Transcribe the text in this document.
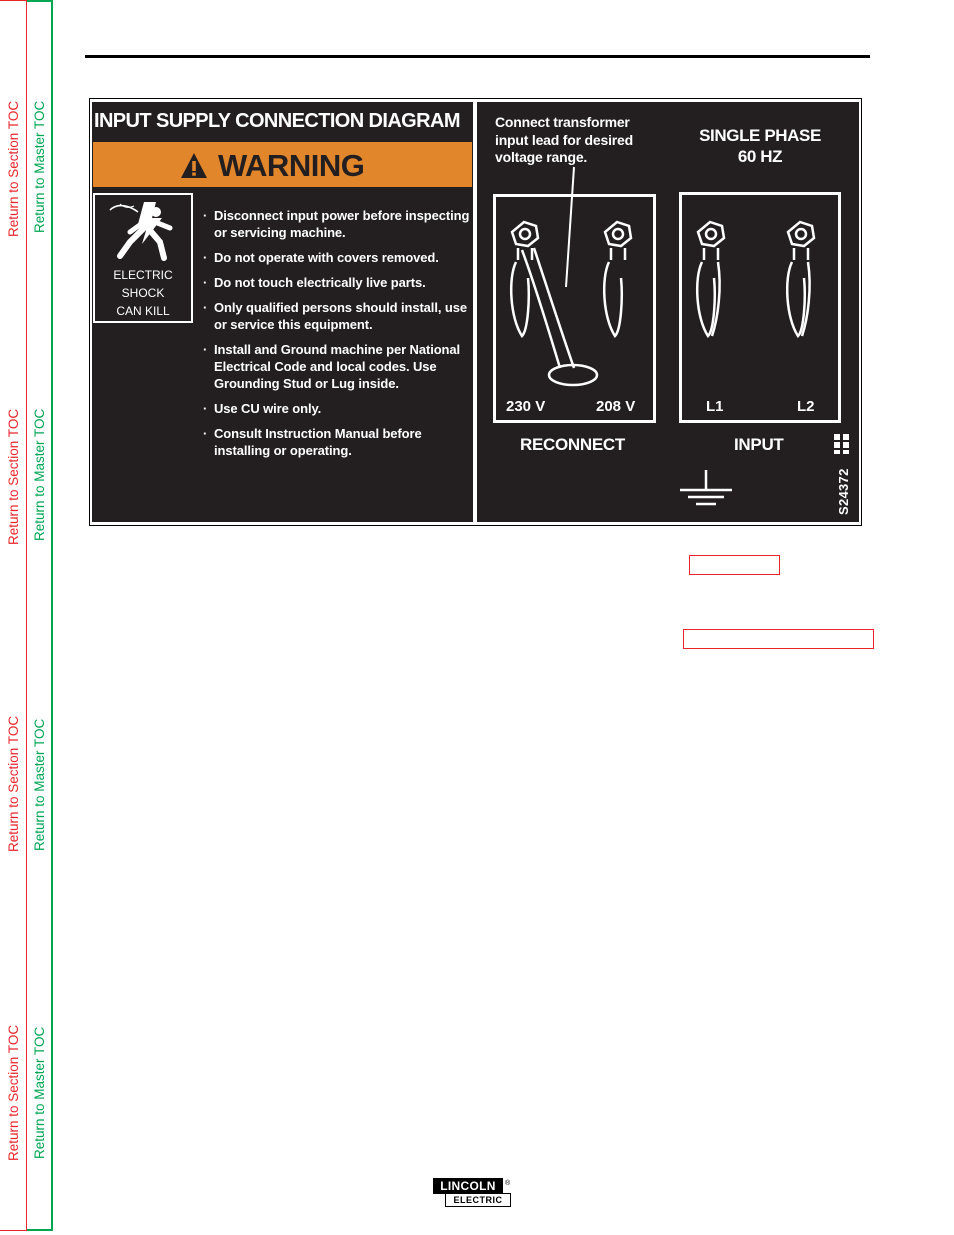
Return to Section TOC Return to Master TOC
Return to Section TOC Return to Master TOC
Return to Section TOC Return to Master TOC
Return to Section TOC Return to Master TOC
INPUT SUPPLY CONNECTION DIAGRAM
WARNING
ELECTRIC
SHOCK
CAN KILL
· Disconnect input power before inspecting or servicing machine.
· Do not operate with covers removed.
· Do not touch electrically live parts.
· Only qualified persons should install, use or service this equipment.
· Install and Ground machine per National Electrical Code and local codes. Use Grounding Stud or Lug inside.
· Use CU wire only.
· Consult Instruction Manual before installing or operating.
Connect transformer input lead for desired voltage range.
SINGLE PHASE
60 HZ
230 V	208 V
RECONNECT
L1	L2
INPUT
S24372
LINCOLN
ELECTRIC
®
